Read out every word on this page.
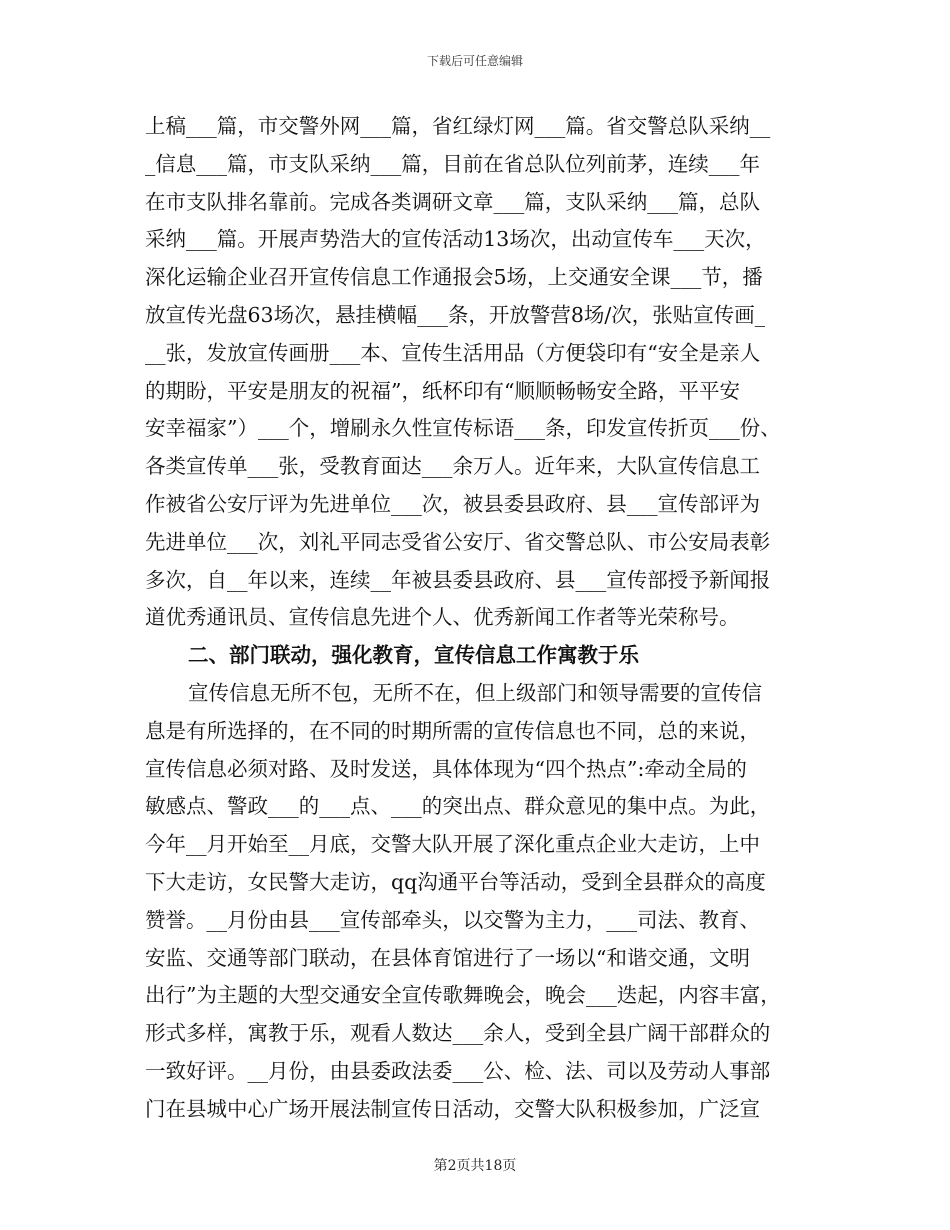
下载后可任意编辑
上稿___篇，市交警外网___篇，省红绿灯网___篇。省交警总队采纳__
_信息___篇，市支队采纳___篇，目前在省总队位列前茅，连续___年
在市支队排名靠前。完成各类调研文章___篇，支队采纳___篇，总队
采纳___篇。开展声势浩大的宣传活动13场次，出动宣传车___天次，
深化运输企业召开宣传信息工作通报会5场，上交通安全课___节，播
放宣传光盘63场次，悬挂横幅___条，开放警营8场/次，张贴宣传画_
__张，发放宣传画册___本、宣传生活用品（方便袋印有“安全是亲人
的期盼，平安是朋友的祝福”，纸杯印有“顺顺畅畅安全路，平平安
安幸福家”）___个，增刷永久性宣传标语___条，印发宣传折页___份、
各类宣传单___张，受教育面达___余万人。近年来，大队宣传信息工
作被省公安厅评为先进单位___次，被县委县政府、县___宣传部评为
先进单位___次，刘礼平同志受省公安厅、省交警总队、市公安局表彰
多次，自__年以来，连续__年被县委县政府、县___宣传部授予新闻报
道优秀通讯员、宣传信息先进个人、优秀新闻工作者等光荣称号。
二、部门联动，强化教育，宣传信息工作寓教于乐
宣传信息无所不包，无所不在，但上级部门和领导需要的宣传信
息是有所选择的，在不同的时期所需的宣传信息也不同，总的来说，
宣传信息必须对路、及时发送，具体体现为“四个热点”:牵动全局的
敏感点、警政___的___点、___的突出点、群众意见的集中点。为此，
今年__月开始至__月底，交警大队开展了深化重点企业大走访，上中
下大走访，女民警大走访，qq沟通平台等活动，受到全县群众的高度
赞誉。__月份由县___宣传部牵头，以交警为主力，___司法、教育、
安监、交通等部门联动，在县体育馆进行了一场以“和谐交通，文明
出行”为主题的大型交通安全宣传歌舞晚会，晚会___迭起，内容丰富，
形式多样，寓教于乐，观看人数达___余人，受到全县广阔干部群众的
一致好评。__月份，由县委政法委___公、检、法、司以及劳动人事部
门在县城中心广场开展法制宣传日活动，交警大队积极参加，广泛宣
第2页共18页
